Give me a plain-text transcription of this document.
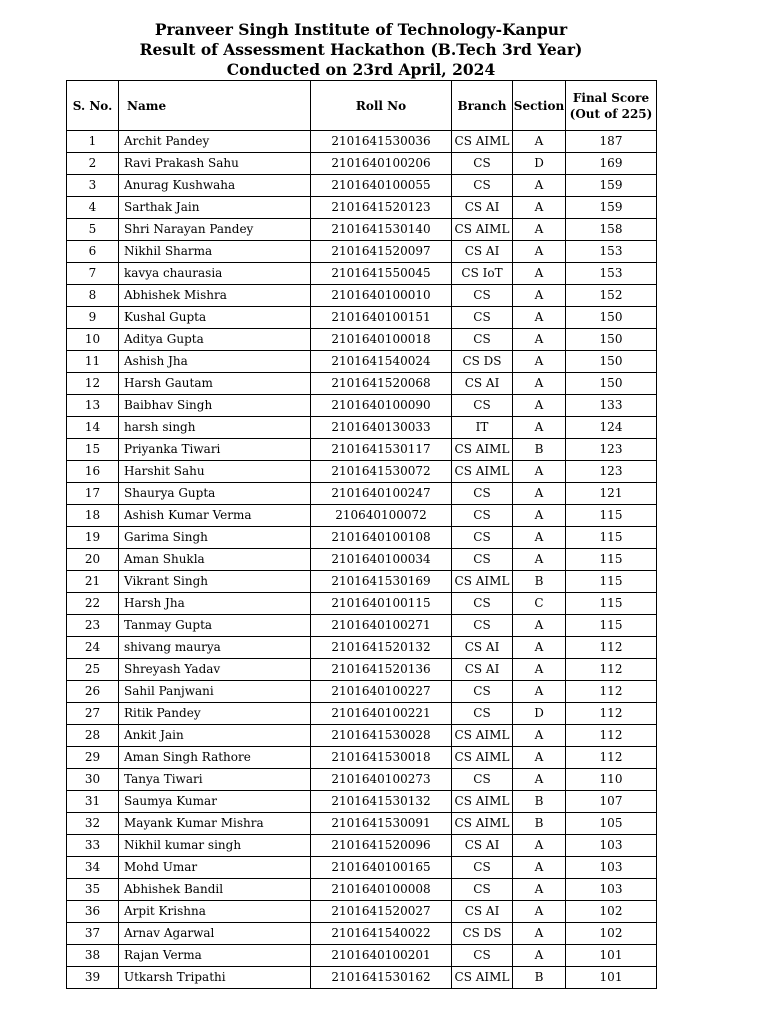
Pranveer Singh Institute of Technology-Kanpur
Result of Assessment Hackathon (B.Tech 3rd Year)
Conducted on 23rd April, 2024
S. No.	Name	Roll No	Branch	Section	Final Score
(Out of 225)

1	Archit Pandey	2101641530036	CS AIML	A	187
2	Ravi Prakash Sahu	2101640100206	CS	D	169
3	Anurag Kushwaha	2101640100055	CS	A	159
4	Sarthak Jain	2101641520123	CS AI	A	159
5	Shri Narayan Pandey	2101641530140	CS AIML	A	158
6	Nikhil Sharma	2101641520097	CS AI	A	153
7	kavya chaurasia	2101641550045	CS IoT	A	153
8	Abhishek Mishra	2101640100010	CS	A	152
9	Kushal Gupta	2101640100151	CS	A	150
10	Aditya Gupta	2101640100018	CS	A	150
11	Ashish Jha	2101641540024	CS DS	A	150
12	Harsh Gautam	2101641520068	CS AI	A	150
13	Baibhav Singh	2101640100090	CS	A	133
14	harsh singh	2101640130033	IT	A	124
15	Priyanka Tiwari	2101641530117	CS AIML	B	123
16	Harshit Sahu	2101641530072	CS AIML	A	123
17	Shaurya Gupta	2101640100247	CS	A	121
18	Ashish Kumar Verma	210640100072	CS	A	115
19	Garima Singh	2101640100108	CS	A	115
20	Aman Shukla	2101640100034	CS	A	115
21	Vikrant Singh	2101641530169	CS AIML	B	115
22	Harsh Jha	2101640100115	CS	C	115
23	Tanmay Gupta	2101640100271	CS	A	115
24	shivang maurya	2101641520132	CS AI	A	112
25	Shreyash Yadav	2101641520136	CS AI	A	112
26	Sahil Panjwani	2101640100227	CS	A	112
27	Ritik Pandey	2101640100221	CS	D	112
28	Ankit Jain	2101641530028	CS AIML	A	112
29	Aman Singh Rathore	2101641530018	CS AIML	A	112
30	Tanya Tiwari	2101640100273	CS	A	110
31	Saumya Kumar	2101641530132	CS AIML	B	107
32	Mayank Kumar Mishra	2101641530091	CS AIML	B	105
33	Nikhil kumar singh	2101641520096	CS AI	A	103
34	Mohd Umar	2101640100165	CS	A	103
35	Abhishek Bandil	2101640100008	CS	A	103
36	Arpit Krishna	2101641520027	CS AI	A	102
37	Arnav Agarwal	2101641540022	CS DS	A	102
38	Rajan Verma	2101640100201	CS	A	101
39	Utkarsh Tripathi	2101641530162	CS AIML	B	101
